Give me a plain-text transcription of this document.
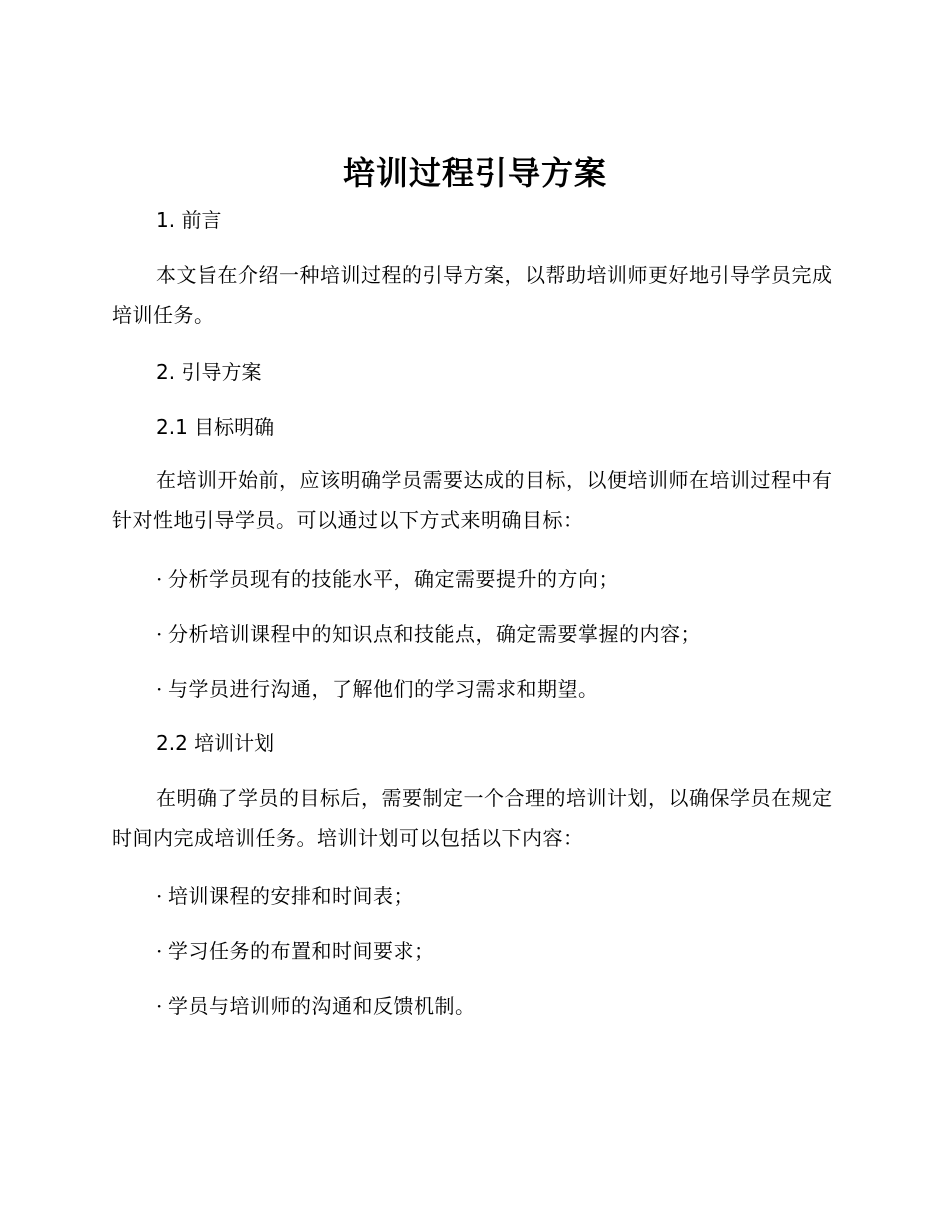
培训过程引导方案
1. 前言
本文旨在介绍一种培训过程的引导方案，以帮助培训师更好地引导学员完成培训任务。
2. 引导方案
2.1 目标明确
在培训开始前，应该明确学员需要达成的目标，以便培训师在培训过程中有针对性地引导学员。可以通过以下方式来明确目标：
· 分析学员现有的技能水平，确定需要提升的方向；
· 分析培训课程中的知识点和技能点，确定需要掌握的内容；
· 与学员进行沟通，了解他们的学习需求和期望。
2.2 培训计划
在明确了学员的目标后，需要制定一个合理的培训计划，以确保学员在规定时间内完成培训任务。培训计划可以包括以下内容：
· 培训课程的安排和时间表；
· 学习任务的布置和时间要求；
· 学员与培训师的沟通和反馈机制。
